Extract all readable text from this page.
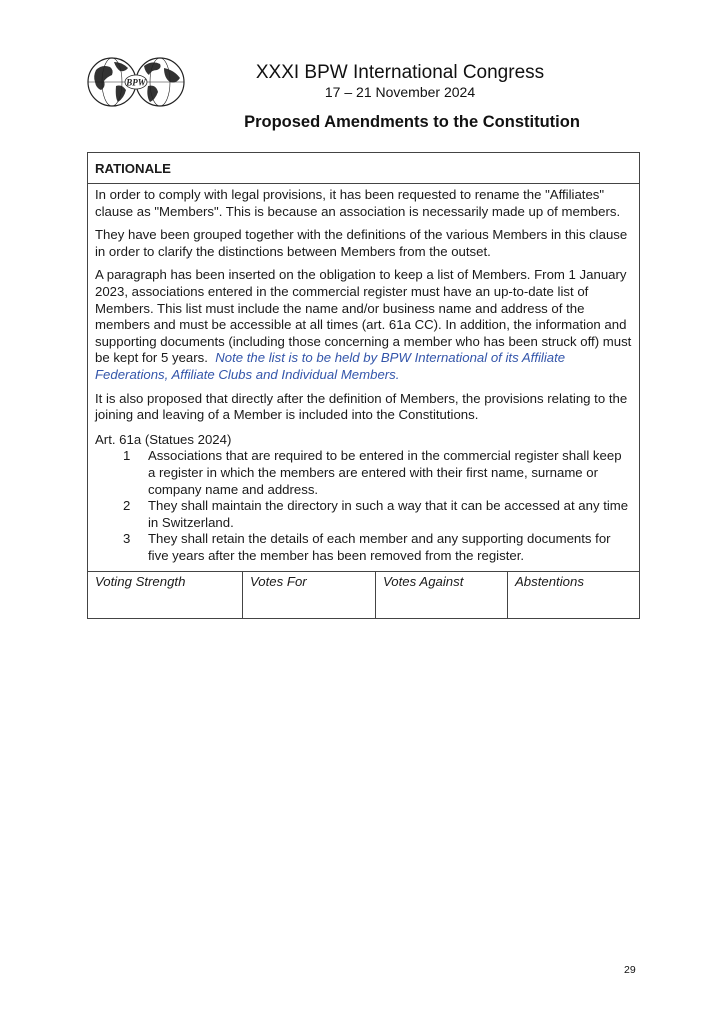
BPW	XXXI BPW International Congress
17 – 21 November 2024
Proposed Amendments to the Constitution
RATIONALE

In order to comply with legal provisions, it has been requested to rename the "Affiliates" clause as "Members". This is because an association is necessarily made up of members.

They have been grouped together with the definitions of the various Members in this clause in order to clarify the distinctions between Members from the outset.

A paragraph has been inserted on the obligation to keep a list of Members. From 1 January 2023, associations entered in the commercial register must have an up-to-date list of Members. This list must include the name and/or business name and address of the members and must be accessible at all times (art. 61a CC). In addition, the information and supporting documents (including those concerning a member who has been struck off) must be kept for 5 years. Note the list is to be held by BPW International of its Affiliate Federations, Affiliate Clubs and Individual Members.

It is also proposed that directly after the definition of Members, the provisions relating to the joining and leaving of a Member is included into the Constitutions.

Art. 61a (Statues 2024)
1	Associations that are required to be entered in the commercial register shall keep a register in which the members are entered with their first name, surname or company name and address.
2	They shall maintain the directory in such a way that it can be accessed at any time in Switzerland.
3	They shall retain the details of each member and any supporting documents for five years after the member has been removed from the register.

Voting Strength	Votes For	Votes Against	Abstentions
29
